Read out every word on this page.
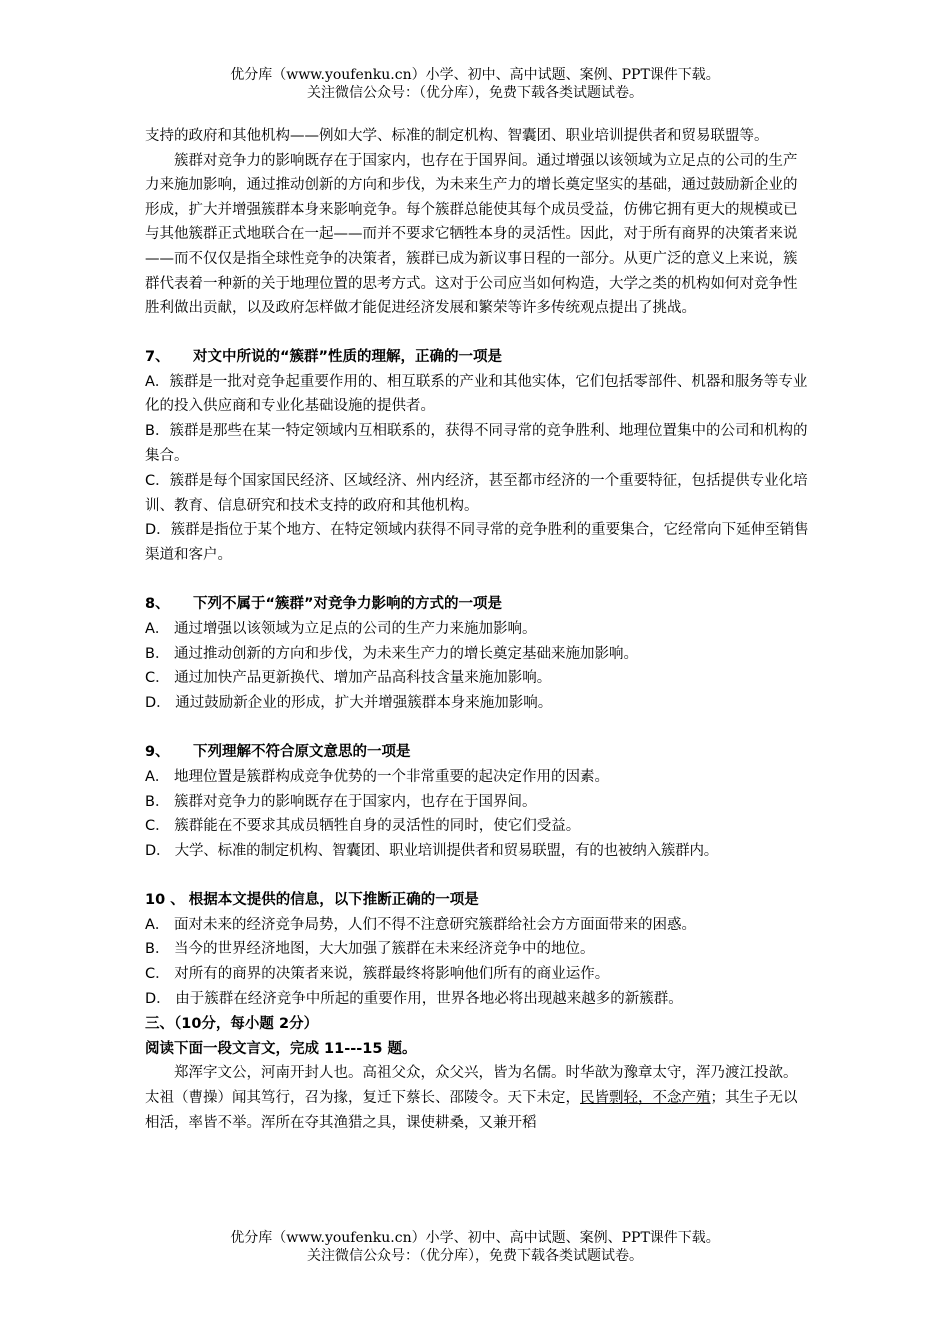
优分库（www.youfenku.cn）小学、初中、高中试题、案例、PPT课件下载。
关注微信公众号：（优分库），免费下载各类试题试卷。

支持的政府和其他机构——例如大学、标准的制定机构、智囊团、职业培训提供者和贸易联盟等。

簇群对竞争力的影响既存在于国家内，也存在于国界间。通过增强以该领域为立足点的公司的生产力来施加影响，通过推动创新的方向和步伐，为未来生产力的增长奠定坚实的基础，通过鼓励新企业的形成，扩大并增强簇群本身来影响竞争。每个簇群总能使其每个成员受益，仿佛它拥有更大的规模或已与其他簇群正式地联合在一起——而并不要求它牺牲本身的灵活性。因此，对于所有商界的决策者来说——而不仅仅是指全球性竞争的决策者，簇群已成为新议事日程的一部分。从更广泛的意义上来说，簇群代表着一种新的关于地理位置的思考方式。这对于公司应当如何构造，大学之类的机构如何对竞争性胜利做出贡献，以及政府怎样做才能促进经济发展和繁荣等许多传统观点提出了挑战。

7、 对文中所说的“簇群”性质的理解，正确的一项是

A．簇群是一批对竞争起重要作用的、相互联系的产业和其他实体，它们包括零部件、机器和服务等专业化的投入供应商和专业化基础设施的提供者。

B．簇群是那些在某一特定领域内互相联系的，获得不同寻常的竞争胜利、地理位置集中的公司和机构的集合。

C．簇群是每个国家国民经济、区域经济、州内经济，甚至都市经济的一个重要特征，包括提供专业化培训、教育、信息研究和技术支持的政府和其他机构。

D．簇群是指位于某个地方、在特定领域内获得不同寻常的竞争胜利的重要集合，它经常向下延伸至销售渠道和客户。

8、 下列不属于“簇群”对竞争力影响的方式的一项是

A． 通过增强以该领域为立足点的公司的生产力来施加影响。

B． 通过推动创新的方向和步伐，为未来生产力的增长奠定基础来施加影响。

C． 通过加快产品更新换代、增加产品高科技含量来施加影响。

D． 通过鼓励新企业的形成，扩大并增强簇群本身来施加影响。

9、 下列理解不符合原文意思的一项是

A． 地理位置是簇群构成竞争优势的一个非常重要的起决定作用的因素。

B． 簇群对竞争力的影响既存在于国家内，也存在于国界间。

C． 簇群能在不要求其成员牺牲自身的灵活性的同时，使它们受益。

D． 大学、标准的制定机构、智囊团、职业培训提供者和贸易联盟，有的也被纳入簇群内。

10 、 根据本文提供的信息，以下推断正确的一项是

A． 面对未来的经济竞争局势，人们不得不注意研究簇群给社会方方面面带来的困惑。

B． 当今的世界经济地图，大大加强了簇群在未来经济竞争中的地位。

C． 对所有的商界的决策者来说，簇群最终将影响他们所有的商业运作。

D． 由于簇群在经济竞争中所起的重要作用，世界各地必将出现越来越多的新簇群。

三、（10分，每小题 2分）

阅读下面一段文言文，完成 11---15 题。

郑浑字文公，河南开封人也。高祖父众，众父兴，皆为名儒。时华歆为豫章太守，浑乃渡江投歆。太祖（曹操）闻其笃行，召为掾，复迁下蔡长、邵陵令。天下未定，民皆剽轻，不念产殖；其生子无以相活，率皆不举。浑所在夺其渔猎之具，课使耕桑，又兼开稻

优分库（www.youfenku.cn）小学、初中、高中试题、案例、PPT课件下载。
关注微信公众号：（优分库），免费下载各类试题试卷。
